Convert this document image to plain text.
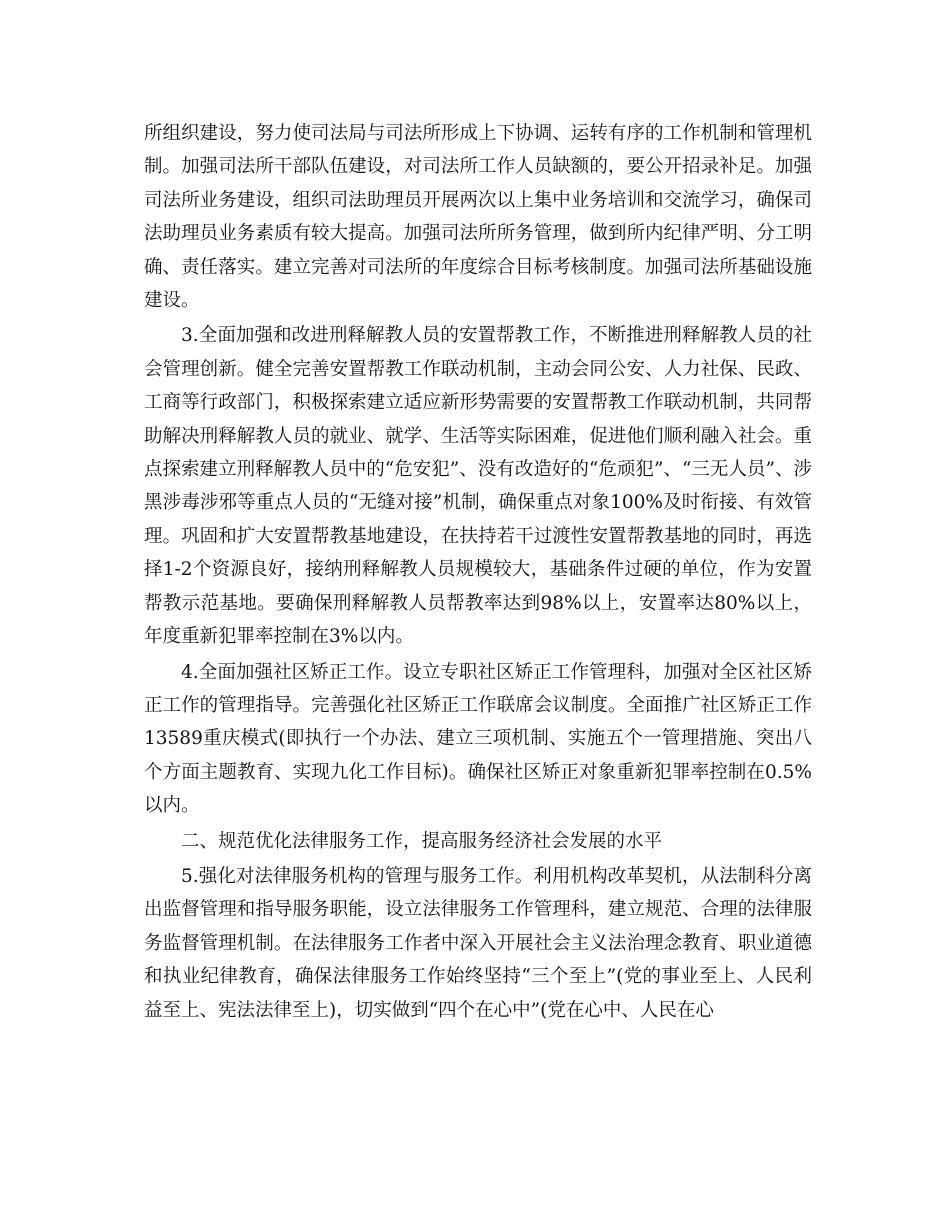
所组织建设，努力使司法局与司法所形成上下协调、运转有序的工作机制和管理机制。加强司法所干部队伍建设，对司法所工作人员缺额的，要公开招录补足。加强司法所业务建设，组织司法助理员开展两次以上集中业务培训和交流学习，确保司法助理员业务素质有较大提高。加强司法所所务管理，做到所内纪律严明、分工明确、责任落实。建立完善对司法所的年度综合目标考核制度。加强司法所基础设施建设。

3.全面加强和改进刑释解教人员的安置帮教工作，不断推进刑释解教人员的社会管理创新。健全完善安置帮教工作联动机制，主动会同公安、人力社保、民政、工商等行政部门，积极探索建立适应新形势需要的安置帮教工作联动机制，共同帮助解决刑释解教人员的就业、就学、生活等实际困难，促进他们顺利融入社会。重点探索建立刑释解教人员中的“危安犯”、没有改造好的“危顽犯”、“三无人员”、涉黑涉毒涉邪等重点人员的“无缝对接”机制，确保重点对象100%及时衔接、有效管理。巩固和扩大安置帮教基地建设，在扶持若干过渡性安置帮教基地的同时，再选择1-2个资源良好，接纳刑释解教人员规模较大，基础条件过硬的单位，作为安置帮教示范基地。要确保刑释解教人员帮教率达到98%以上，安置率达80%以上，年度重新犯罪率控制在3%以内。

4.全面加强社区矫正工作。设立专职社区矫正工作管理科，加强对全区社区矫正工作的管理指导。完善强化社区矫正工作联席会议制度。全面推广社区矫正工作13589重庆模式(即执行一个办法、建立三项机制、实施五个一管理措施、突出八个方面主题教育、实现九化工作目标)。确保社区矫正对象重新犯罪率控制在0.5%以内。

二、规范优化法律服务工作，提高服务经济社会发展的水平

5.强化对法律服务机构的管理与服务工作。利用机构改革契机，从法制科分离出监督管理和指导服务职能，设立法律服务工作管理科，建立规范、合理的法律服务监督管理机制。在法律服务工作者中深入开展社会主义法治理念教育、职业道德和执业纪律教育，确保法律服务工作始终坚持“三个至上”(党的事业至上、人民利益至上、宪法法律至上)，切实做到“四个在心中”(党在心中、人民在心
